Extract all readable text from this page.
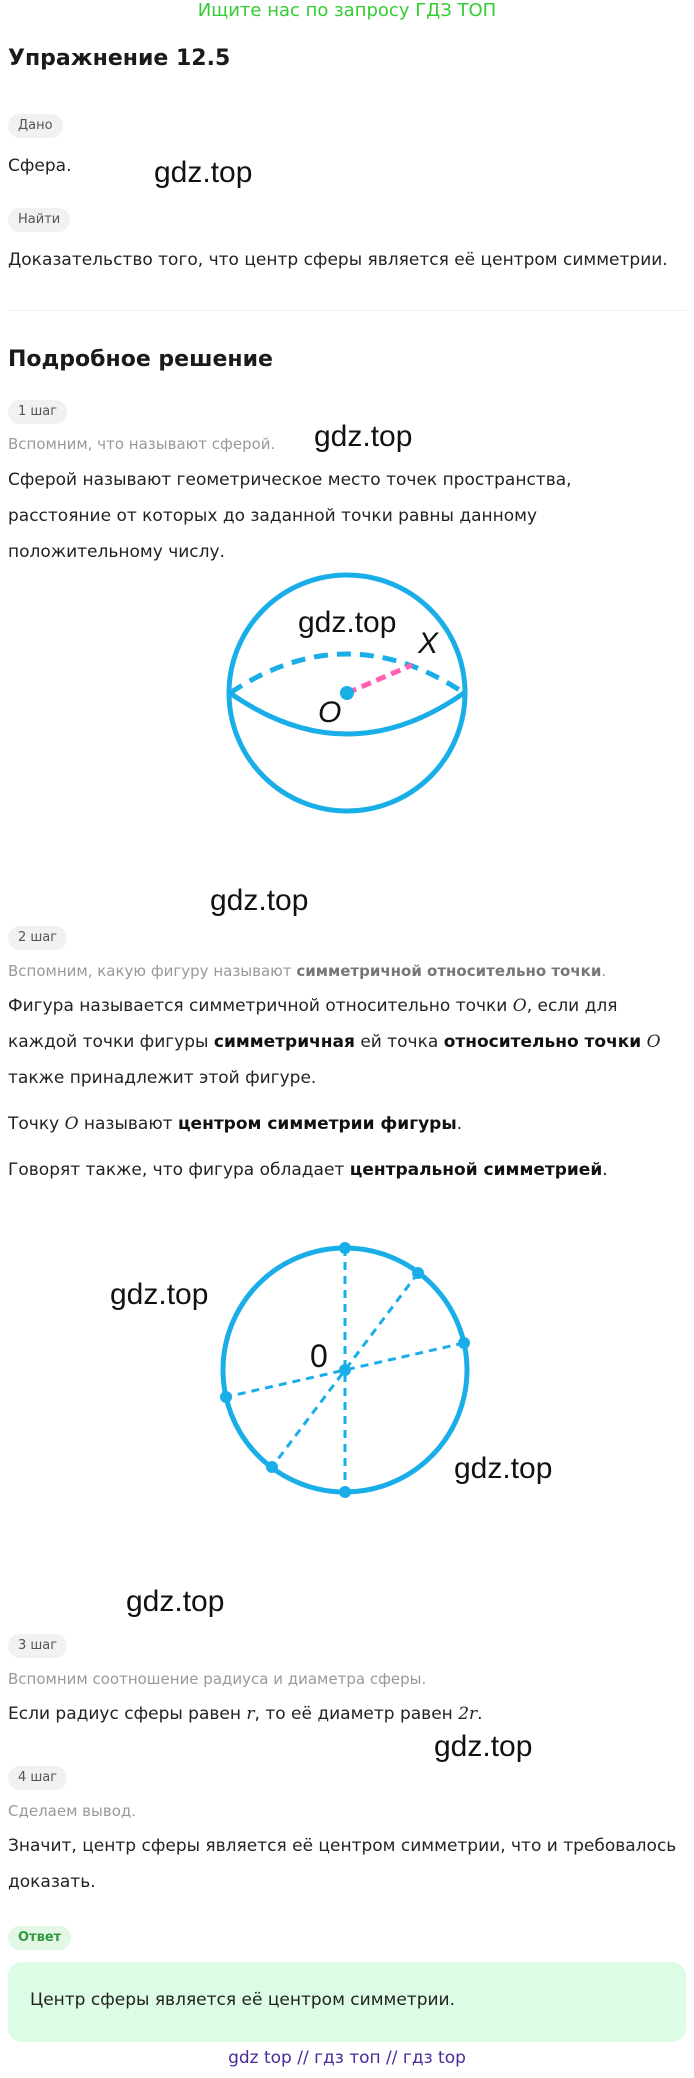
Ищите нас по запросу ГДЗ ТОП
Упражнение 12.5
Дано
Сфера.	gdz.top
Найти
Доказательство того, что центр сферы является её центром симметрии.
Подробное решение
1 шаг
Вспомним, что называют сферой. gdz.top
Сферой называют геометрическое место точек пространства, расстояние от которых до заданной точки равны данному положительному числу.
O
X
gdz.top
gdz.top
2 шаг
Вспомним, какую фигуру называют симметричной относительно точки.
Фигура называется симметричной относительно точки O, если для каждой точки фигуры симметричная ей точка относительно точки O также принадлежит этой фигуре.
Точку O называют центром симметрии фигуры.
Говорят также, что фигура обладает центральной симметрией.
gdz.top
0
gdz.top
gdz.top
3 шаг
Вспомним соотношение радиуса и диаметра сферы.
Если радиус сферы равен r, то её диаметр равен 2r.
gdz.top
4 шаг
Сделаем вывод.
Значит, центр сферы является её центром симметрии, что и требовалось доказать.
Ответ
Центр сферы является её центром симметрии.
gdz top // гдз топ // гдз top
